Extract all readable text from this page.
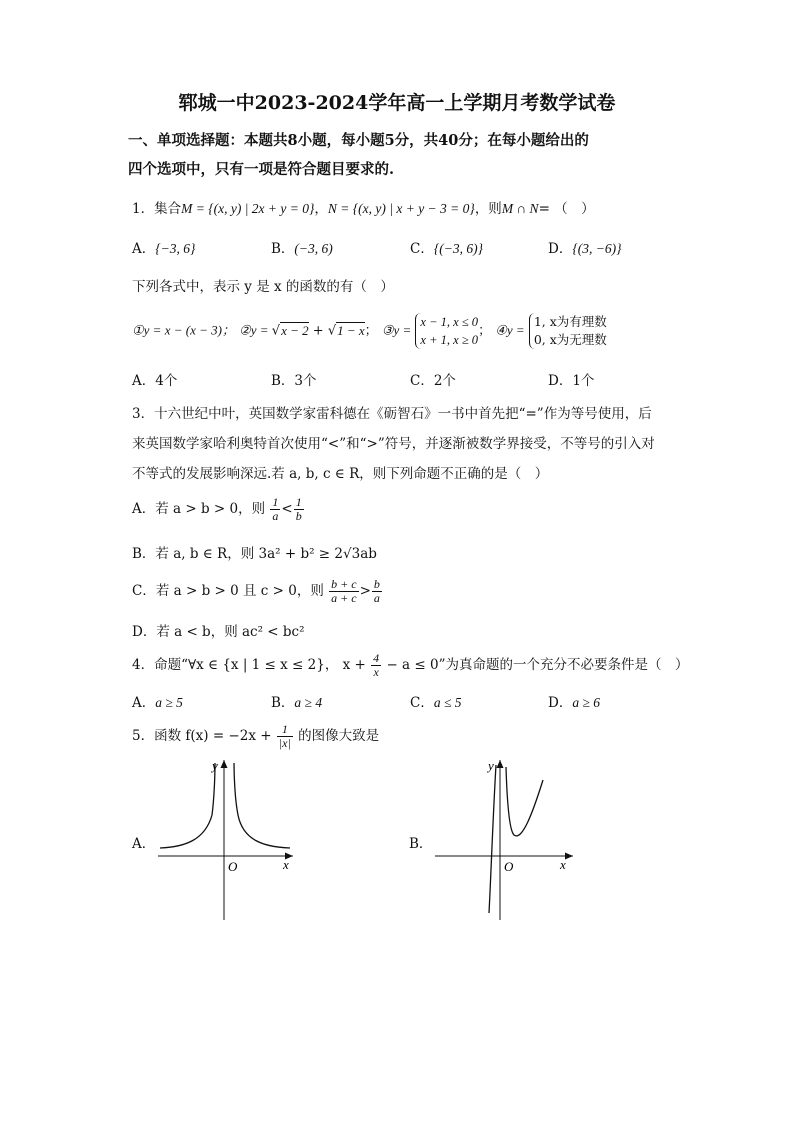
郓城一中2023-2024学年高一上学期月考数学试卷
一、单项选择题：本题共8小题，每小题5分，共40分；在每小题给出的
四个选项中，只有一项是符合题目要求的.
1．集合M = {(x, y) | 2x + y = 0}，N = {(x, y) | x + y − 3 = 0}，则M ∩ N= （　）
A．{−3, 6}	B．(−3, 6)	C．{(−3, 6)}	D．{(3, −6)}
下列各式中，表示 y 是 x 的函数的有（　）
①y = x − (x − 3)； ②y = √x − 2 + √1 − x； ③y =
x − 1, x ≤ 0
x + 1, x ≥ 0
； ④y =
1, x为有理数
0, x为无理数
A．4个	B．3个	C．2个	D．1个
3．十六世纪中叶，英国数学家雷科德在《砺智石》一书中首先把“=”作为等号使用，后
来英国数学家哈利奥特首次使用“<”和“>”符号，并逐渐被数学界接受，不等号的引入对
不等式的发展影响深远.若 a, b, c ∈ R，则下列命题不正确的是（　）
A．若 a > b > 0，则 $\frac{1}{a} < \frac{1}{b}$
B．若 a, b ∈ R，则 3a² + b² ≥ 2√3ab
C．若 a > b > 0 且 c > 0，则 $\frac{b + c}{a + c} > \frac{b}{a}$
D．若 a < b，则 ac² < bc²
4．命题“∀x ∈ {x | 1 ≤ x ≤ 2}， $x + \frac{4}{x} - a \le 0$”为真命题的一个充分不必要条件是（　）
A．a ≥ 5	B．a ≥ 4	C．a ≤ 5	D．a ≥ 6
5．函数 $f(x) = -2x + \frac{1}{|x|}$ 的图像大致是
A．
y
x
O
B．
y
x
O
